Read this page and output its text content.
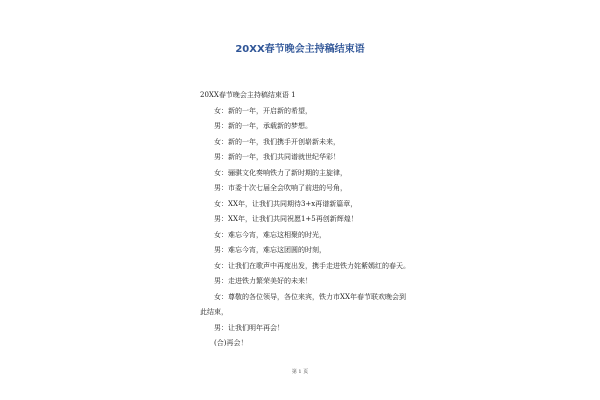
20XX春节晚会主持稿结束语
20XX春节晚会主持稿结束语 1

女：新的一年，开启新的希望，

男：新的一年，承载新的梦想。

女：新的一年，我们携手开创崭新未来，

男：新的一年，我们共同谱就世纪华彩！

女：骊骐文化奏响铁力了新时期的主旋律，

男：市委十次七届全会吹响了前进的号角，

女：XX年，让我们共同期待3+x再谱新篇章，

男：XX年，让我们共同祝愿1+5再创新辉煌！

女：难忘今宵，难忘这相聚的时光，

男：难忘今宵，难忘这团圆的时刻，

女：让我们在歌声中再度出发，携手走进铁力姹紫嫣红的春天。

男：走进铁力繁荣美好的未来！

女：尊敬的各位领导，各位来宾，铁力市XX年春节联欢晚会到此结束，

男：让我们明年再会！

(合)再会！

第 1 页
